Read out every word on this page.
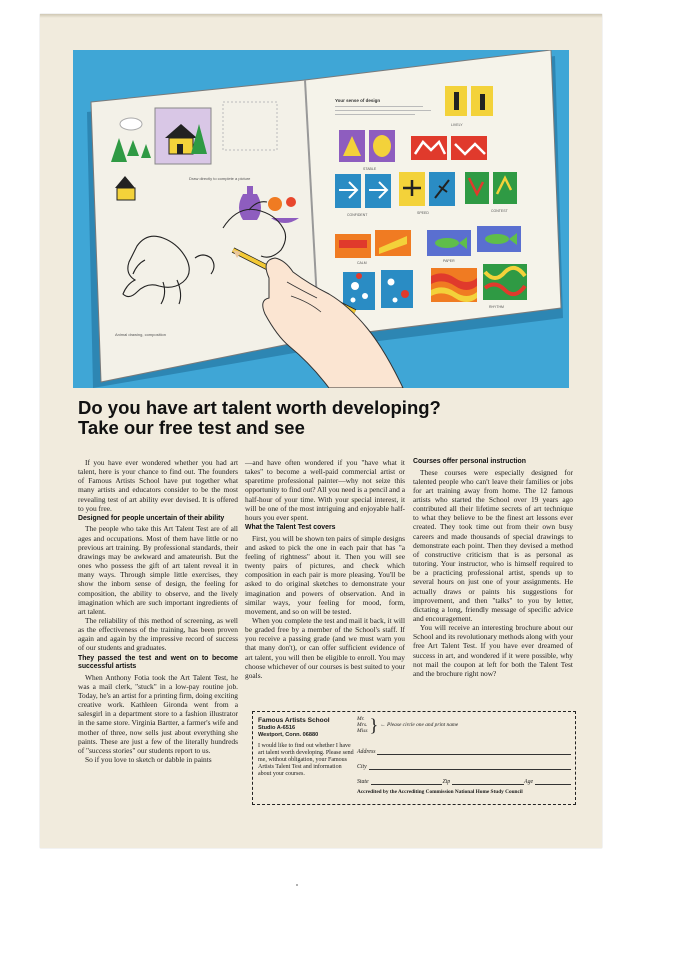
Draw directly to complete a picture
Animal drawing, composition
Your sense of design
LIVELY
STABLE
CONFIDENT	SPEED	CONTEST
CALM	PAPER
RHYTHM
Do you have art talent worth developing?
Take our free test and see

If you have ever wondered whether you had art talent, here is your chance to find out. The founders of Famous Artists School have put together what many artists and educators consider to be the most revealing test of art ability ever devised. It is offered to you free.

Designed for people uncertain of their ability

The people who take this Art Talent Test are of all ages and occupations. Most of them have little or no previous art training. By professional standards, their drawings may be awkward and amateurish. But the ones who possess the gift of art talent reveal it in many ways. Through simple little exercises, they show the inborn sense of design, the feeling for composition, the ability to observe, and the lively imagination which are such important ingredients of art talent.

The reliability of this method of screening, as well as the effectiveness of the training, has been proven again and again by the impressive record of success of our students and graduates.

They passed the test and went on to become successful artists

When Anthony Fotia took the Art Talent Test, he was a mail clerk, "stuck" in a low-pay routine job. Today, he's an artist for a printing firm, doing exciting creative work. Kathleen Gironda went from a salesgirl in a department store to a fashion illustrator in the same store. Virginia Bartter, a farmer's wife and mother of three, now sells just about everything she paints. These are just a few of the literally hundreds of "success stories" our students report to us.

So if you love to sketch or dabble in paints

—and have often wondered if you "have what it takes" to become a well-paid commercial artist or sparetime professional painter—why not seize this opportunity to find out? All you need is a pencil and a half-hour of your time. With your special interest, it will be one of the most intriguing and enjoyable half-hours you ever spent.

What the Talent Test covers

First, you will be shown ten pairs of simple designs and asked to pick the one in each pair that has "a feeling of rightness" about it. Then you will see twenty pairs of pictures, and check which composition in each pair is more pleasing. You'll be asked to do original sketches to demonstrate your imagination and powers of observation. And in similar ways, your feeling for mood, form, movement, and so on will be tested.

When you complete the test and mail it back, it will be graded free by a member of the School's staff. If you receive a passing grade (and we must warn you that many don't), or can offer sufficient evidence of art talent, you will then be eligible to enroll. You may choose whichever of our courses is best suited to your goals.

Courses offer personal instruction

These courses were especially designed for talented people who can't leave their families or jobs for art training away from home. The 12 famous artists who started the School over 19 years ago contributed all their lifetime secrets of art technique to what they believe to be the finest art lessons ever created. They took time out from their own busy careers and made thousands of special drawings to demonstrate each point. Then they devised a method of constructive criticism that is as personal as tutoring. Your instructor, who is himself required to be a practicing professional artist, spends up to several hours on just one of your assignments. He actually draws or paints his suggestions for improvement, and then "talks" to you by letter, dictating a long, friendly message of specific advice and encouragement.

You will receive an interesting brochure about our School and its revolutionary methods along with your free Art Talent Test. If you have ever dreamed of success in art, and wondered if it were possible, why not mail the coupon at left for both the Talent Test and the brochure right now?

Famous Artists School
Studio A-6516
Westport, Conn. 06880
I would like to find out whether I have art talent worth developing. Please send me, without obligation, your Famous Artists Talent Test and information about your courses.
Mr.
Mrs.
Miss } ← Please circle one and print name
Address
City
State	Zip	Age
Accredited by the Accrediting Commission National Home Study Council
